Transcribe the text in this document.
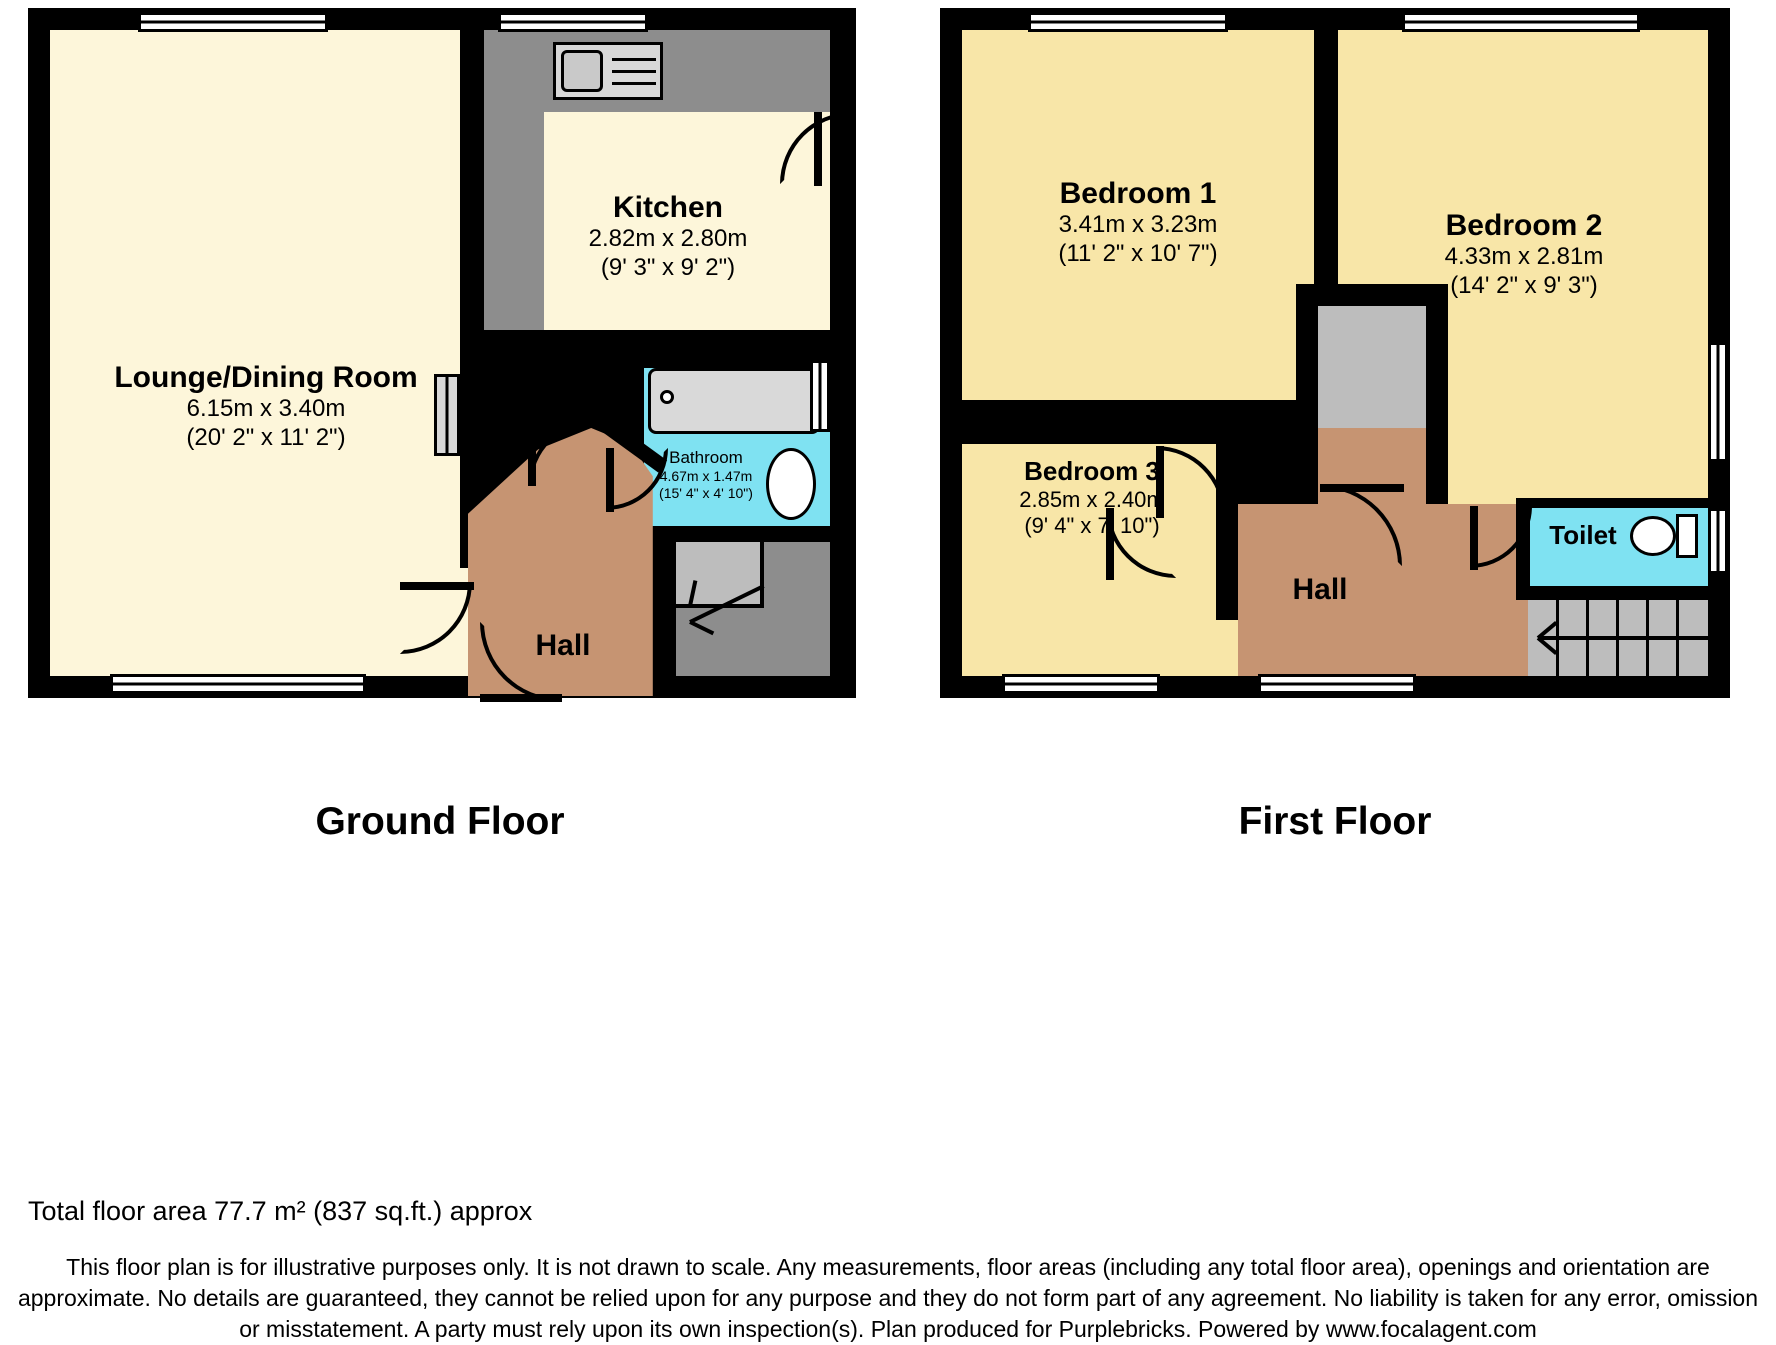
Lounge/Dining Room
6.15m x 3.40m
(20' 2" x 11' 2")
Kitchen
2.82m x 2.80m
(9' 3" x 9' 2")
Bathroom
4.67m x 1.47m
(15' 4" x 4' 10")
Hall
Ground Floor
Bedroom 1
3.41m x 3.23m
(11' 2" x 10' 7")
Bedroom 2
4.33m x 2.81m
(14' 2" x 9' 3")
Bedroom 3
2.85m x 2.40m
(9' 4" x 7' 10")
Hall
Toilet
First Floor
Total floor area 77.7 m² (837 sq.ft.) approx
This floor plan is for illustrative purposes only. It is not drawn to scale. Any measurements, floor areas (including any total floor area), openings and orientation are approximate. No details are guaranteed, they cannot be relied upon for any purpose and they do not form part of any agreement. No liability is taken for any error, omission or misstatement. A party must rely upon its own inspection(s). Plan produced for Purplebricks. Powered by www.focalagent.com
